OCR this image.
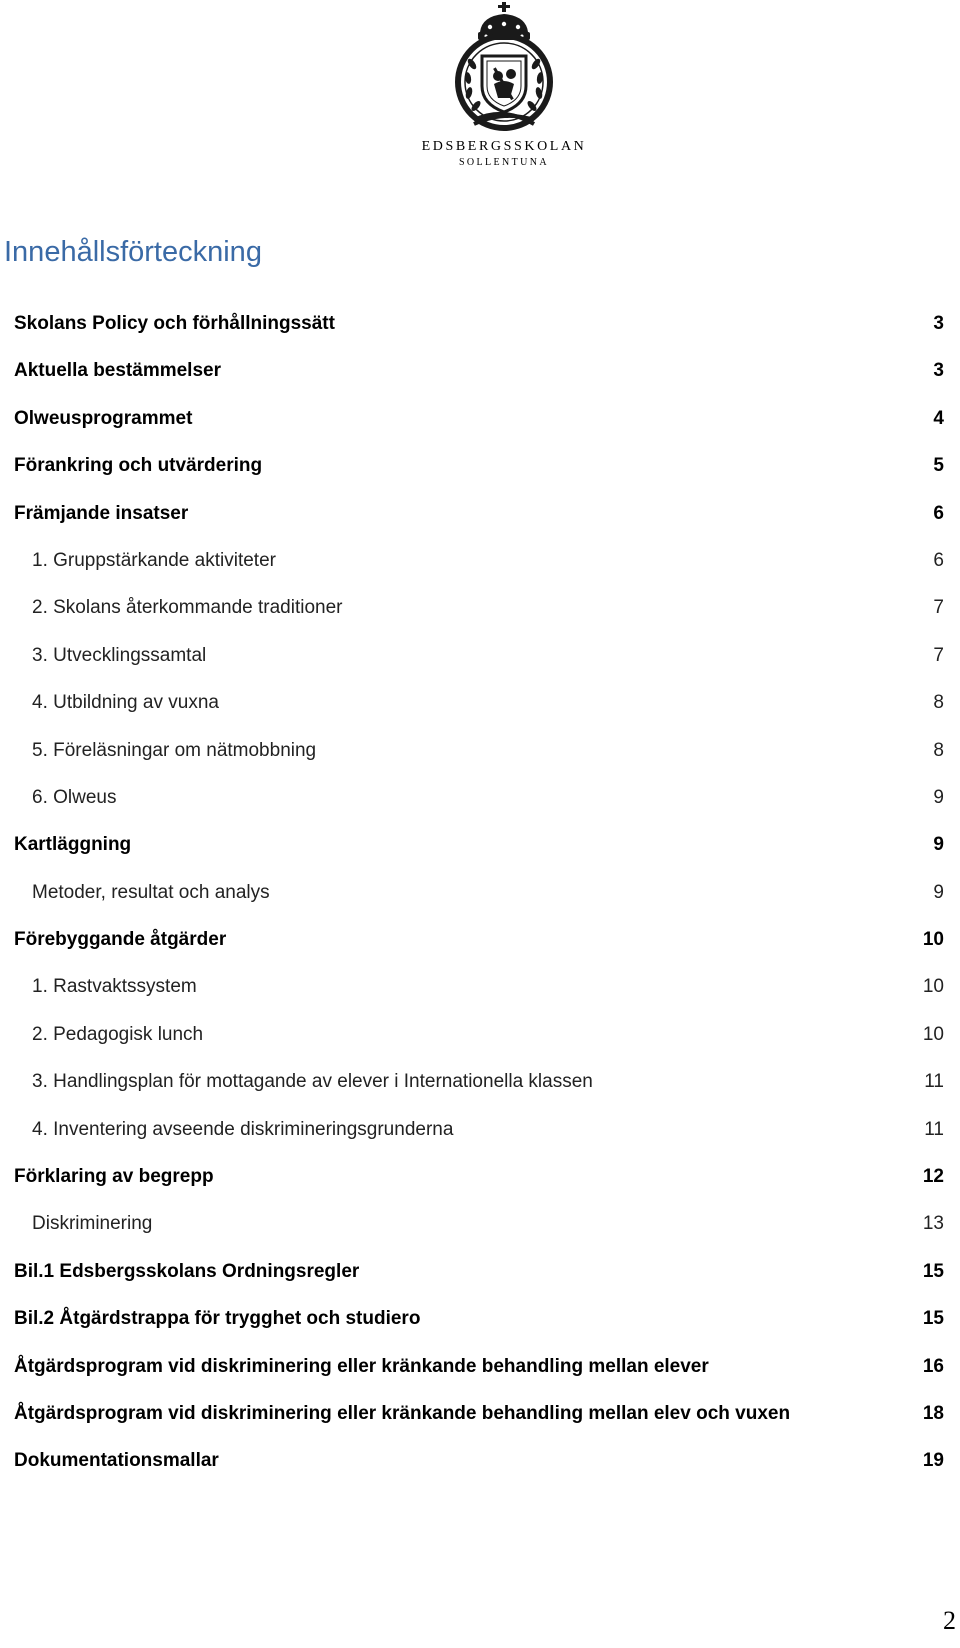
EDSBERGSSKOLAN
SOLLENTUNA
Innehållsförteckning
Skolans Policy och förhållningssätt	3
Aktuella bestämmelser	3
Olweusprogrammet	4
Förankring och utvärdering	5
Främjande insatser	6
1. Gruppstärkande aktiviteter	6
2. Skolans återkommande traditioner	7
3. Utvecklingssamtal	7
4. Utbildning av vuxna	8
5. Föreläsningar om nätmobbning	8
6. Olweus	9
Kartläggning	9
Metoder, resultat och analys	9
Förebyggande åtgärder	10
1. Rastvaktssystem	10
2. Pedagogisk lunch	10
3. Handlingsplan för mottagande av elever i Internationella klassen	11
4. Inventering avseende diskrimineringsgrunderna	11
Förklaring av begrepp	12
Diskriminering	13
Bil.1 Edsbergsskolans Ordningsregler	15
Bil.2 Åtgärdstrappa för trygghet och studiero	15
Åtgärdsprogram vid diskriminering eller kränkande behandling mellan elever	16
Åtgärdsprogram vid diskriminering eller kränkande behandling mellan elev och vuxen	18
Dokumentationsmallar	19
2
